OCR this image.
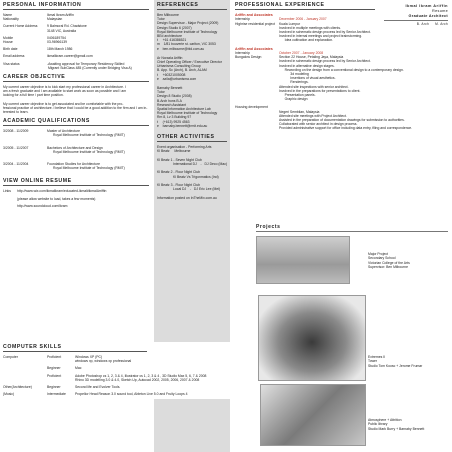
PERSONAL INFORMATION
Name	Ikmal Ikram Ariffin
Nationality	Malaysian
Current Home Address	9 Balmoral Rd. Chadstone
3148 VIC, Australia
Mobile	0406189754
House	03-96966139
Birth date	18th March 1986
Email address	ikmalikram.career@gmail.com
Visa status	-Awaiting approval for Temporary Residency Skilled
Migrant SubClass 485 (Currently under Bridging Visa A)
CAREER OBJECTIVE
My current career objective is to kick start my professional career in Architecture. I
am a fresh graduate and I am available to start work as soon as possible and I am
looking for a full time / part time position.
My current career objective is to get associated and be comfortable with the pro-
fessional practice of architecture. I believe that I could be a good addition to the firm and I am in-
terested to learn.
ACADEMIC QUALIFICATIONS
3/2008 - 11/2009	Master of Architecture
Royal Melbourne Institute of Technology (RMIT)
3/2005 - 11/2007	Bachelors of Architecture and Design
Royal Melbourne Institute of Technology (RMIT)
3/2004 - 11/2004	Foundation Studies for Architecture
Royal Melbourne Institute of Technology (RMIT)
VIEW ONLINE RESUME
Links	http://www.wix.com/ikmalikram/educated-ikmal#ikmalArriffin
(please allow website to load, takes a few moments)
http://www.soundcloud.com/ikram
REFERENCES
Ben Milbourne
Tutor
Design Supervisor - Major Project (2009)
Design Studio 6 (2007)
Royal Melbourne Institute of Technology
BEd architecture
t     +61 416386521
m    1/81 bouverie st. carlton, VIC 3053
e    ben.milbourne@bld.com.au
Ar Norazla Ariffin
Chief Operating Officer / Executive Director
Urbanisma Consulting Group
B. App. Sc (Arch), B. Arch, ALAM
t     +60321005008
e    azila@urbanisma.com
Barnaby Bennett
Tutor
Design 8 Studio (2008)
B.Arch hons B.A
Research Assistant
Spatial Information Architecture Lab
Royal Melbourne Institute of Technology
Rm 8, Lv 3 Building 97
t     (+613) 9925 4563
e    barnaby.bennett@rmit.edu.au
OTHER ACTIVITIES
Event organisation - Performing Arts
Kl Beatz     Melbourne

Kl Beatz 1 - Seven Night Club
International DJ    -   DJ Deco (Mac)

Kl Beatz 2 - Flour Night Club
Kl Beatz Vs Trigonmatics (Ind)

Kl Beatz 3 - Flour Night Club
Local DJ    -   DJ Eric Lee (Mel)

Information posted on InTheMix.com.au
PROFESSIONAL EXPERIENCE
Ariffin and Associates
Internship	December 2006 - January 2007
Highrise residential project	Kuala Lumpur
Involved in multiple meetings with clients.
Involved in schematic design process led by Senior Architect.
Involved in internal meetings and project brainstorming.
Idea cultivation and explanation.
Ariffin and Associates
Internship	October 2007 - January 2008
Bungalow Design	Section 22 House, Petaling Jaya, Malaysia
Involved in schematic design process led by Senior Architect.
Involved in alternative design stages.
Rewording on the design from a conventional design to a contemporary design.
3d modeling
Insertions of visual aesthetics.
Renderings.
Attended site inspections with senior architect.
Involved in the preparations for presentations to client.
Presentation panels.
Graphic design
Housing development
Negeri Sembilan, Malaysia
Attended site meetings with Project Architect.
Assisted in the preparation of documentation drawings for submission to authorities.
Collaborated with senior architect in design process.
Provided administrative support for office including data entry, filing and correspondence.
Ikmal Ikram Ariffin
Resume
Graduate Architect
B. Arch M. Arch
COMPUTER SKILLS
Computer	Proficient	Windows XP (PC)
windows xp, windows xp professional
Beginner	Mac
Proficient	Adobe Photoshop cs 1, 2, 3 & 4, Illustrator cs 1, 2, 3 & 4 , 3D Studio Max 5, 6, 7 & 2008
Rhino 3D modelling 3.0 & 4.0, Sketch Up, Autocad 2002, 2005, 2006, 2007 & 2008
Other(Architecture)	Beginner	Second life and Evolver Tools.
(Music)	Intermediate	Propellor Head Reason 3.0 sound tool, Ableton Live 5.0 and Fruity Loops 4
Projects
Major Project
Secondary School
Victorian College of the Arts
Supervisor: Ben Milbourne
Extremes II
Tower
Studio Tom Kovac + Jerome Frumar
Atmosphere + Attrition
Public library
Studio Mark Burry + Barnaby Bennett
